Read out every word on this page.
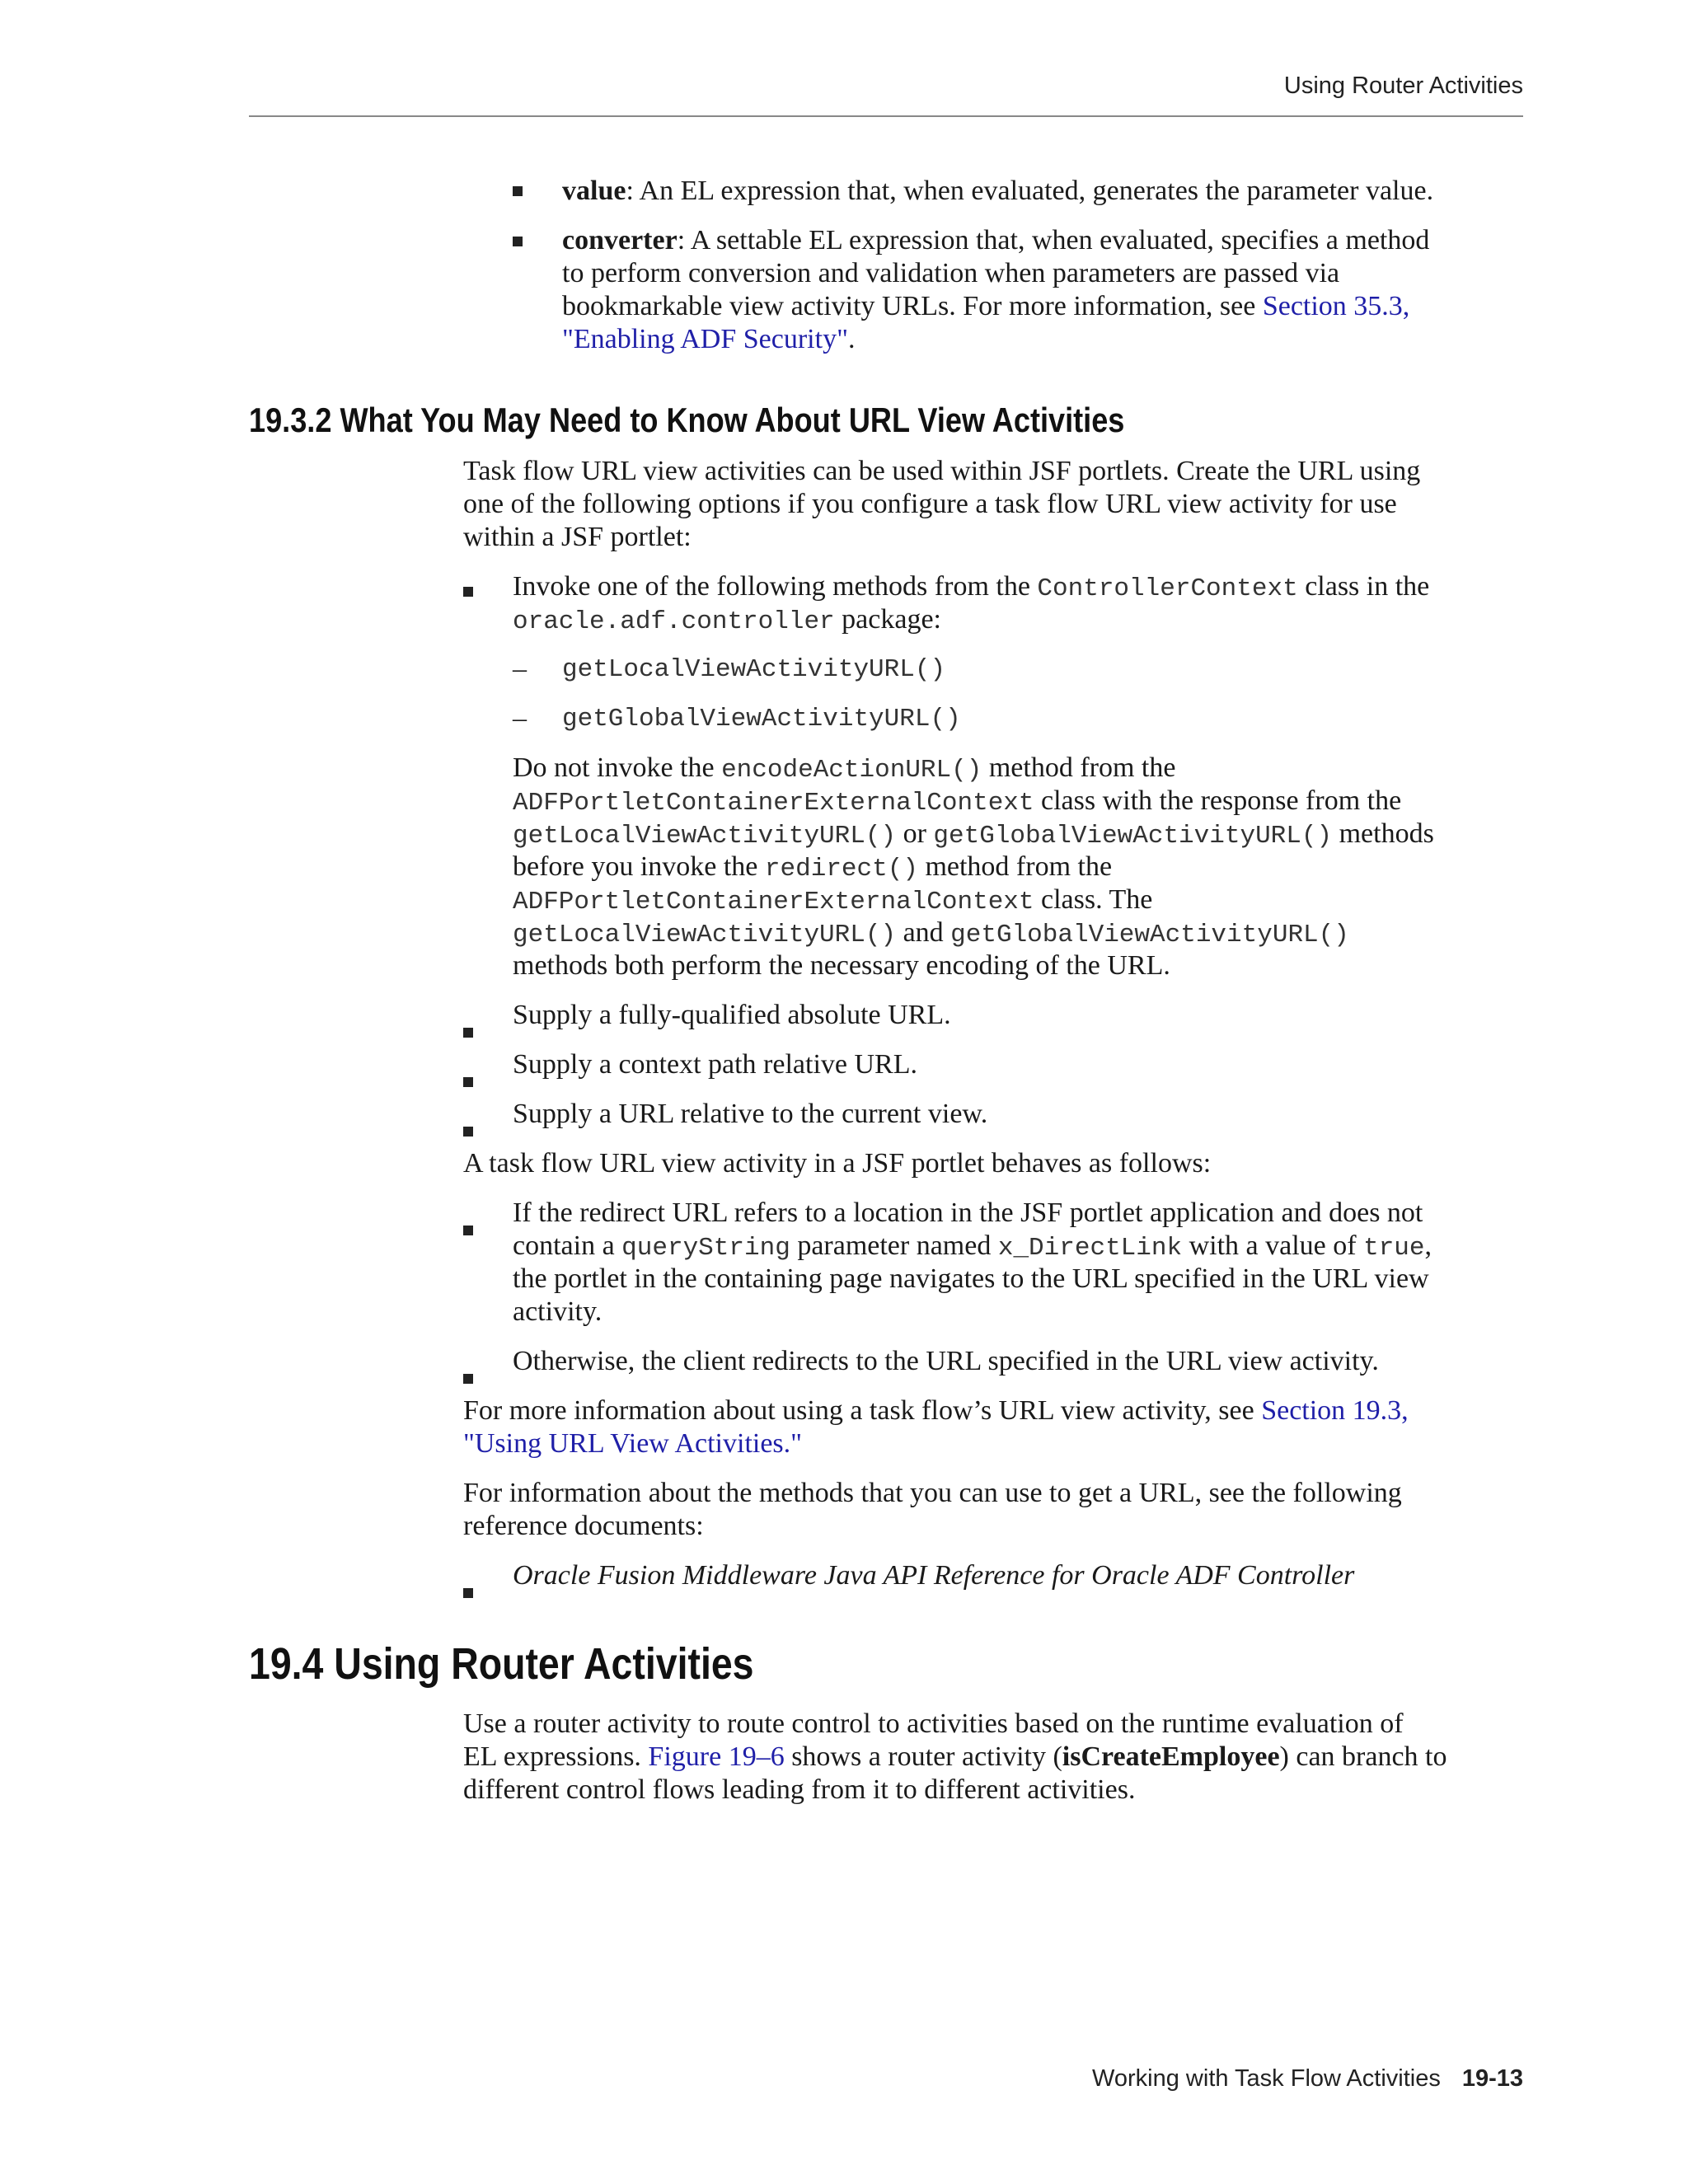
Using Router Activities
value: An EL expression that, when evaluated, generates the parameter value.
converter: A settable EL expression that, when evaluated, specifies a method
to perform conversion and validation when parameters are passed via
bookmarkable view activity URLs. For more information, see Section 35.3,
"Enabling ADF Security".
19.3.2 What You May Need to Know About URL View Activities
Task flow URL view activities can be used within JSF portlets. Create the URL using
one of the following options if you configure a task flow URL view activity for use
within a JSF portlet:
Invoke one of the following methods from the ControllerContext class in the
oracle.adf.controller package:
– getLocalViewActivityURL()
– getGlobalViewActivityURL()
Do not invoke the encodeActionURL() method from the
ADFPortletContainerExternalContext class with the response from the
getLocalViewActivityURL() or getGlobalViewActivityURL() methods
before you invoke the redirect() method from the
ADFPortletContainerExternalContext class. The
getLocalViewActivityURL() and getGlobalViewActivityURL()
methods both perform the necessary encoding of the URL.
Supply a fully-qualified absolute URL.
Supply a context path relative URL.
Supply a URL relative to the current view.
A task flow URL view activity in a JSF portlet behaves as follows:
If the redirect URL refers to a location in the JSF portlet application and does not
contain a queryString parameter named x_DirectLink with a value of true,
the portlet in the containing page navigates to the URL specified in the URL view
activity.
Otherwise, the client redirects to the URL specified in the URL view activity.
For more information about using a task flow’s URL view activity, see Section 19.3,
"Using URL View Activities."
For information about the methods that you can use to get a URL, see the following
reference documents:
Oracle Fusion Middleware Java API Reference for Oracle ADF Controller
19.4 Using Router Activities
Use a router activity to route control to activities based on the runtime evaluation of
EL expressions. Figure 19–6 shows a router activity (isCreateEmployee) can branch to
different control flows leading from it to different activities.
Working with Task Flow Activities 19-13
